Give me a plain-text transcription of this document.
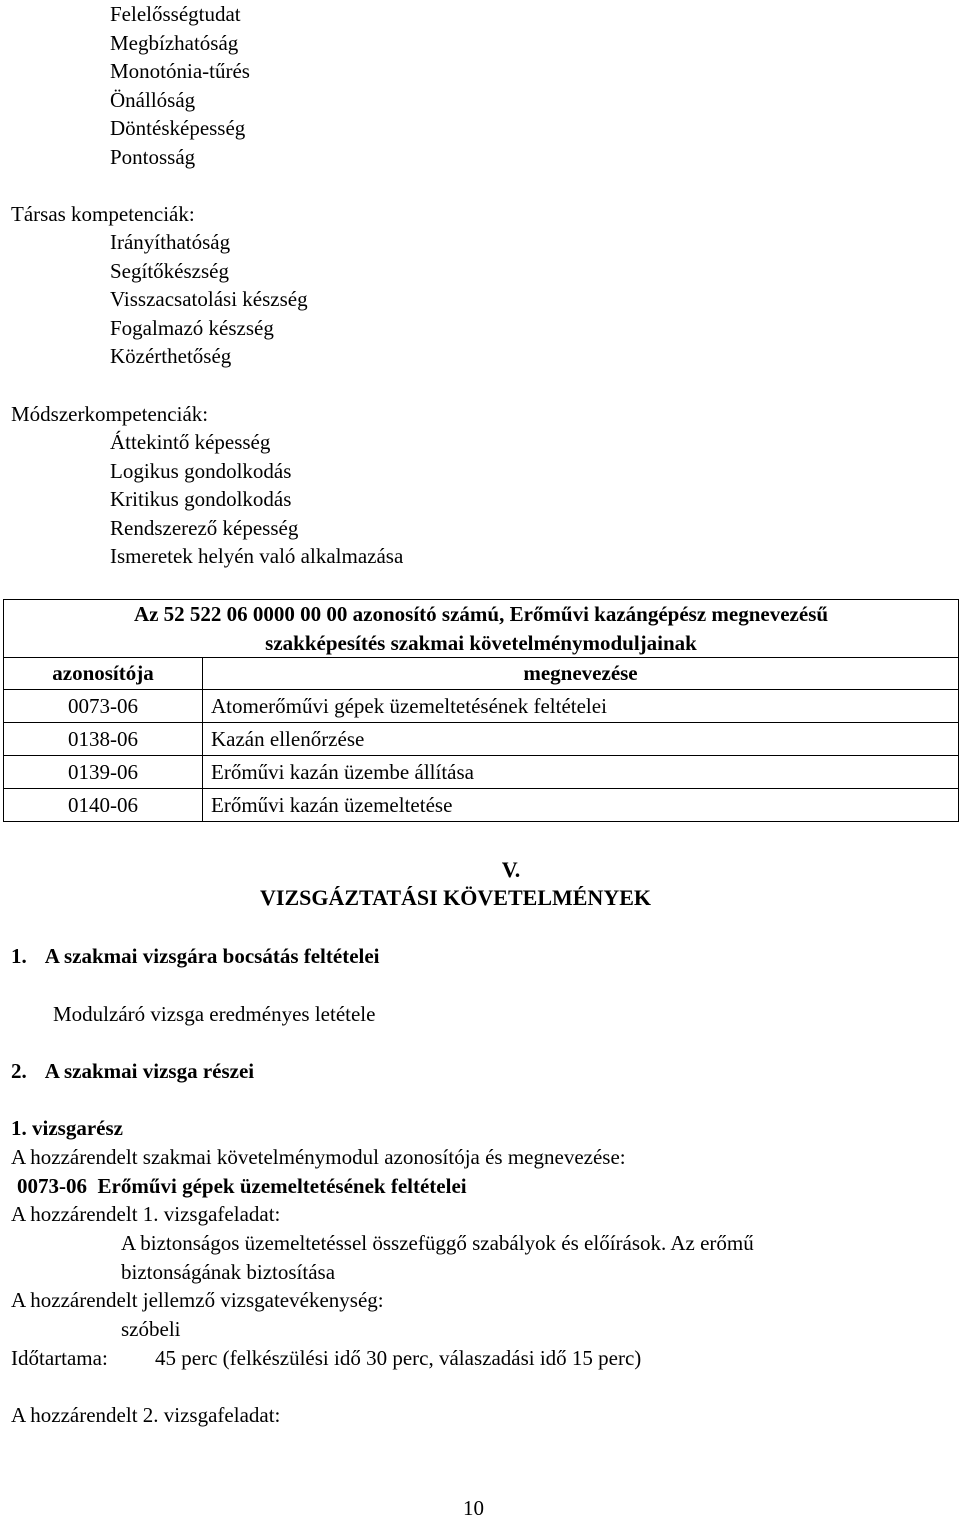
Felelősségtudat
Megbízhatóság
Monotónia-tűrés
Önállóság
Döntésképesség
Pontosság
Társas kompetenciák:
Irányíthatóság
Segítőkészség
Visszacsatolási készség
Fogalmazó készség
Közérthetőség
Módszerkompetenciák:
Áttekintő képesség
Logikus gondolkodás
Kritikus gondolkodás
Rendszerező képesség
Ismeretek helyén való alkalmazása
Az 52 522 06 0000 00 00 azonosító számú, Erőművi kazángépész megnevezésű
szakképesítés szakmai követelménymoduljainak	

azonosítója	megnevezése
0073-06	Atomerőművi gépek üzemeltetésének feltételei
0138-06	Kazán ellenőrzése
0139-06	Erőművi kazán üzembe állítása
0140-06	Erőművi kazán üzemeltetése
V.
VIZSGÁZTATÁSI KÖVETELMÉNYEK
1. A szakmai vizsgára bocsátás feltételei
Modulzáró vizsga eredményes letétele
2. A szakmai vizsga részei
1. vizsgarész
A hozzárendelt szakmai követelménymodul azonosítója és megnevezése:
0073-06  Erőművi gépek üzemeltetésének feltételei
A hozzárendelt 1. vizsgafeladat:
A biztonságos üzemeltetéssel összefüggő szabályok és előírások. Az erőmű
biztonságának biztosítása
A hozzárendelt jellemző vizsgatevékenység:
szóbeli
Időtartama: 45 perc (felkészülési idő 30 perc, válaszadási idő 15 perc)
A hozzárendelt 2. vizsgafeladat:
10
